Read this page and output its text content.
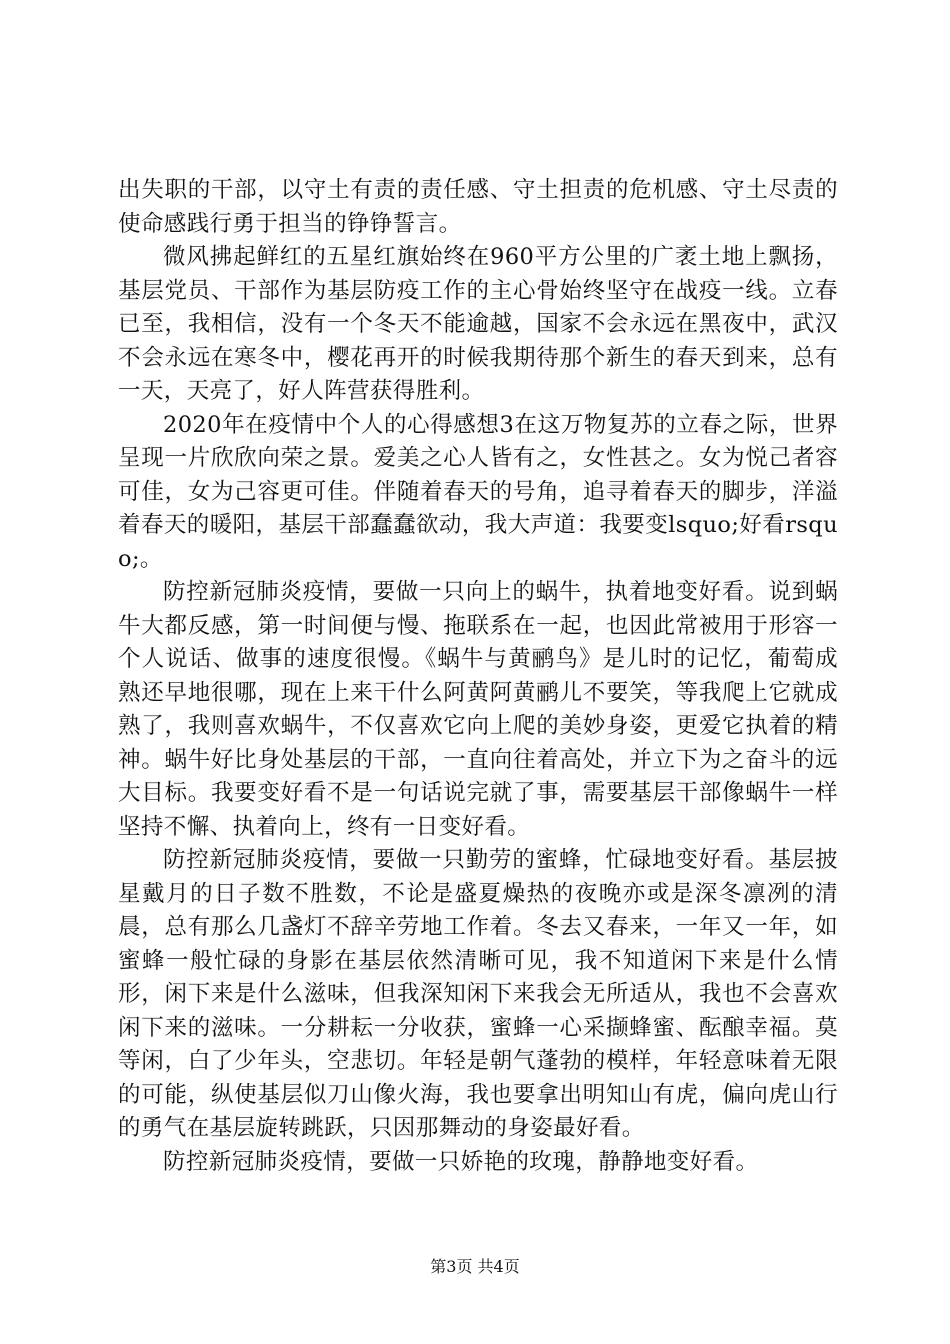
出失职的干部，以守土有责的责任感、守土担责的危机感、守土尽责的使命感践行勇于担当的铮铮誓言。

微风拂起鲜红的五星红旗始终在960平方公里的广袤土地上飘扬，基层党员、干部作为基层防疫工作的主心骨始终坚守在战疫一线。立春已至，我相信，没有一个冬天不能逾越，国家不会永远在黑夜中，武汉不会永远在寒冬中，樱花再开的时候我期待那个新生的春天到来，总有一天，天亮了，好人阵营获得胜利。

2020年在疫情中个人的心得感想3在这万物复苏的立春之际，世界呈现一片欣欣向荣之景。爱美之心人皆有之，女性甚之。女为悦己者容可佳，女为己容更可佳。伴随着春天的号角，追寻着春天的脚步，洋溢着春天的暖阳，基层干部蠢蠢欲动，我大声道：我要变lsquo;好看rsquo;。

防控新冠肺炎疫情，要做一只向上的蜗牛，执着地变好看。说到蜗牛大都反感，第一时间便与慢、拖联系在一起，也因此常被用于形容一个人说话、做事的速度很慢。《蜗牛与黄鹂鸟》是儿时的记忆，葡萄成熟还早地很哪，现在上来干什么阿黄阿黄鹂儿不要笑，等我爬上它就成熟了，我则喜欢蜗牛，不仅喜欢它向上爬的美妙身姿，更爱它执着的精神。蜗牛好比身处基层的干部，一直向往着高处，并立下为之奋斗的远大目标。我要变好看不是一句话说完就了事，需要基层干部像蜗牛一样坚持不懈、执着向上，终有一日变好看。

防控新冠肺炎疫情，要做一只勤劳的蜜蜂，忙碌地变好看。基层披星戴月的日子数不胜数，不论是盛夏燥热的夜晚亦或是深冬凛冽的清晨，总有那么几盏灯不辞辛劳地工作着。冬去又春来，一年又一年，如蜜蜂一般忙碌的身影在基层依然清晰可见，我不知道闲下来是什么情形，闲下来是什么滋味，但我深知闲下来我会无所适从，我也不会喜欢闲下来的滋味。一分耕耘一分收获，蜜蜂一心采撷蜂蜜、酝酿幸福。莫等闲，白了少年头，空悲切。年轻是朝气蓬勃的模样，年轻意味着无限的可能，纵使基层似刀山像火海，我也要拿出明知山有虎，偏向虎山行的勇气在基层旋转跳跃，只因那舞动的身姿最好看。

防控新冠肺炎疫情，要做一只娇艳的玫瑰，静静地变好看。

第3页 共4页
